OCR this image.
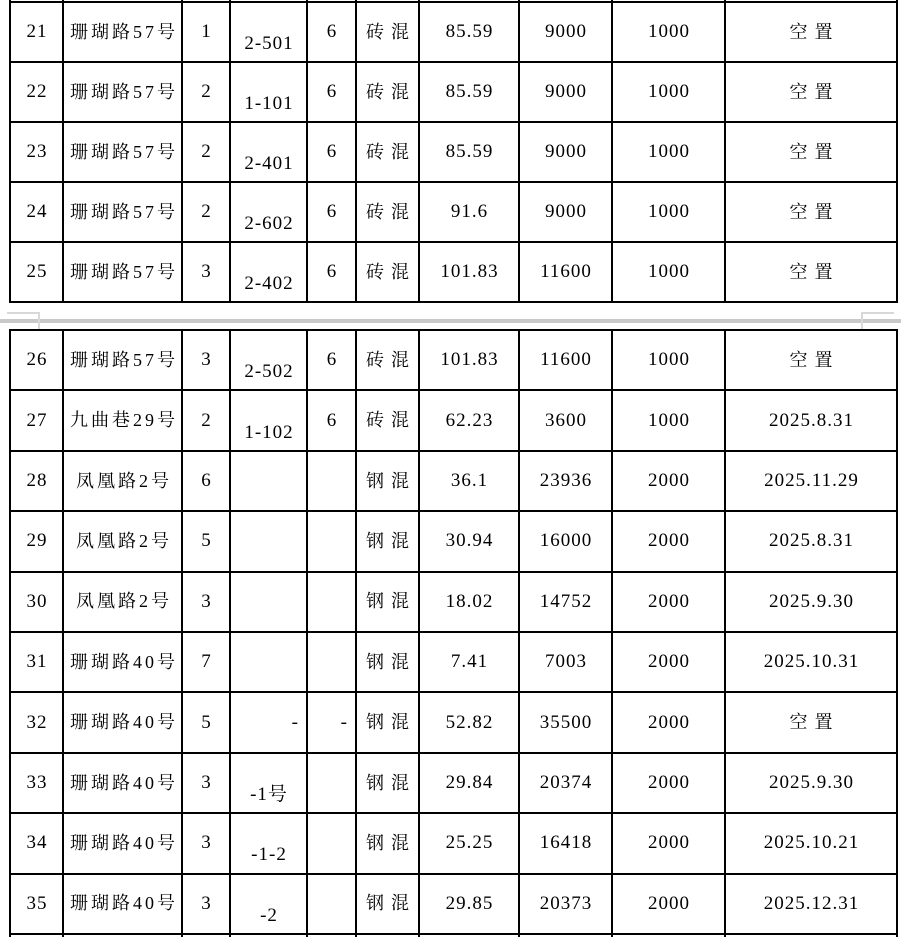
21	珊瑚路57号	1	2-501	6	砖混	85.59	9000	1000	空置
22	珊瑚路57号	2	1-101	6	砖混	85.59	9000	1000	空置
23	珊瑚路57号	2	2-401	6	砖混	85.59	9000	1000	空置
24	珊瑚路57号	2	2-602	6	砖混	91.6	9000	1000	空置
25	珊瑚路57号	3	2-402	6	砖混	101.83	11600	1000	空置
26	珊瑚路57号	3	2-502	6	砖混	101.83	11600	1000	空置
27	九曲巷29号	2	1-102	6	砖混	62.23	3600	1000	2025.8.31
28	凤凰路2号	6			钢混	36.1	23936	2000	2025.11.29
29	凤凰路2号	5			钢混	30.94	16000	2000	2025.8.31
30	凤凰路2号	3			钢混	18.02	14752	2000	2025.9.30
31	珊瑚路40号	7			钢混	7.41	7003	2000	2025.10.31
32	珊瑚路40号	5	-	-	钢混	52.82	35500	2000	空置
33	珊瑚路40号	3	-1号		钢混	29.84	20374	2000	2025.9.30
34	珊瑚路40号	3	-1-2		钢混	25.25	16418	2000	2025.10.21
35	珊瑚路40号	3	-2		钢混	29.85	20373	2000	2025.12.31
